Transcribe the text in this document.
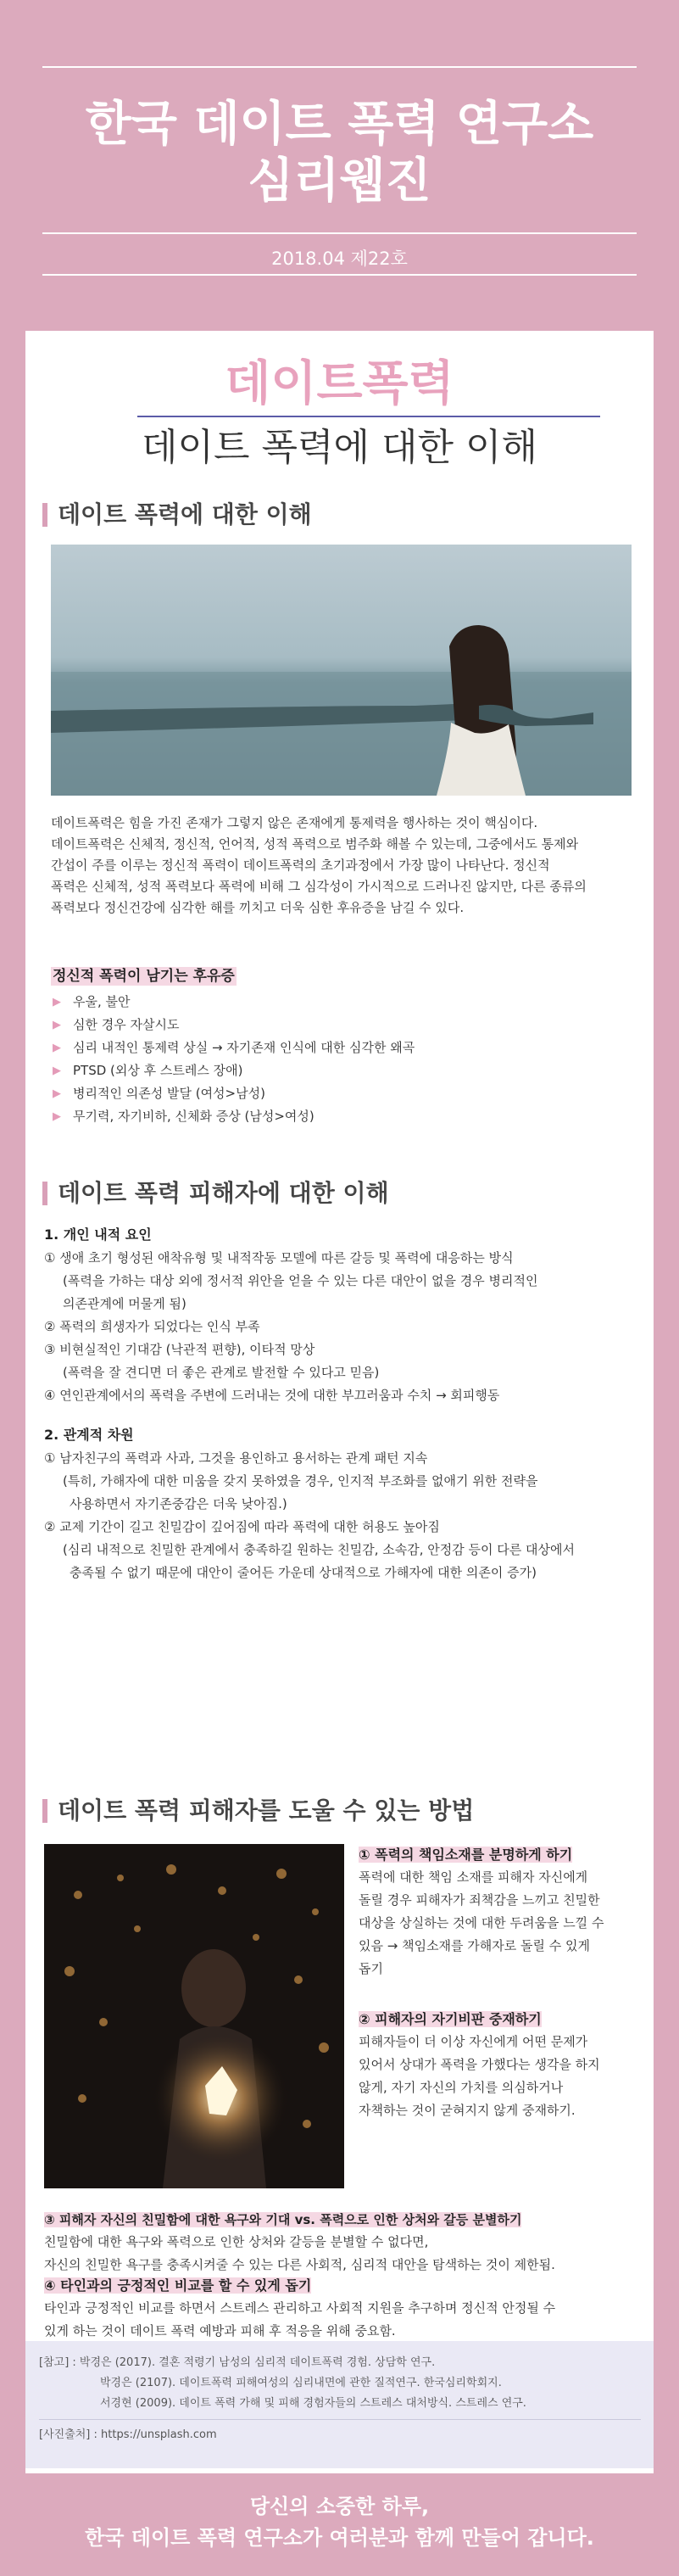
한국 데이트 폭력 연구소
심리웹진
2018.04 제22호
데이트폭력
데이트 폭력에 대한 이해
데이트 폭력에 대한 이해
데이트폭력은 힘을 가진 존재가 그렇지 않은 존재에게 통제력을 행사하는 것이 핵심이다.
데이트폭력은 신체적, 정신적, 언어적, 성적 폭력으로 범주화 해볼 수 있는데, 그중에서도 통제와
간섭이 주를 이루는 정신적 폭력이 데이트폭력의 초기과정에서 가장 많이 나타난다. 정신적
폭력은 신체적, 성적 폭력보다 폭력에 비해 그 심각성이 가시적으로 드러나진 않지만, 다른 종류의
폭력보다 정신건강에 심각한 해를 끼치고 더욱 심한 후유증을 남길 수 있다.
정신적 폭력이 남기는 후유증
▶ 우울, 불안
▶ 심한 경우 자살시도
▶ 심리 내적인 통제력 상실 → 자기존재 인식에 대한 심각한 왜곡
▶ PTSD (외상 후 스트레스 장애)
▶ 병리적인 의존성 발달 (여성>남성)
▶ 무기력, 자기비하, 신체화 증상 (남성>여성)
데이트 폭력 피해자에 대한 이해
1. 개인 내적 요인
① 생애 초기 형성된 애착유형 및 내적작동 모델에 따른 갈등 및 폭력에 대응하는 방식
(폭력을 가하는 대상 외에 정서적 위안을 얻을 수 있는 다른 대안이 없을 경우 병리적인
의존관계에 머물게 됨)
② 폭력의 희생자가 되었다는 인식 부족
③ 비현실적인 기대감 (낙관적 편향), 이타적 망상
(폭력을 잘 견디면 더 좋은 관계로 발전할 수 있다고 믿음)
④ 연인관계에서의 폭력을 주변에 드러내는 것에 대한 부끄러움과 수치 → 회피행동
2. 관계적 차원
① 남자친구의 폭력과 사과, 그것을 용인하고 용서하는 관계 패턴 지속
(특히, 가해자에 대한 미움을 갖지 못하였을 경우, 인지적 부조화를 없애기 위한 전략을
사용하면서 자기존중감은 더욱 낮아짐.)
② 교제 기간이 길고 친밀감이 깊어짐에 따라 폭력에 대한 허용도 높아짐
(심리 내적으로 친밀한 관계에서 충족하길 원하는 친밀감, 소속감, 안정감 등이 다른 대상에서
충족될 수 없기 때문에 대안이 줄어든 가운데 상대적으로 가해자에 대한 의존이 증가)
데이트 폭력 피해자를 도울 수 있는 방법
① 폭력의 책임소재를 분명하게 하기
폭력에 대한 책임 소재를 피해자 자신에게
돌릴 경우 피해자가 죄책감을 느끼고 친밀한
대상을 상실하는 것에 대한 두려움을 느낄 수
있음 → 책임소재를 가해자로 돌릴 수 있게
돕기
② 피해자의 자기비판 중재하기
피해자들이 더 이상 자신에게 어떤 문제가
있어서 상대가 폭력을 가했다는 생각을 하지
않게, 자기 자신의 가치를 의심하거나
자책하는 것이 굳혀지지 않게 중재하기.
③ 피해자 자신의 친밀함에 대한 욕구와 기대 vs. 폭력으로 인한 상처와 갈등 분별하기
친밀함에 대한 욕구와 폭력으로 인한 상처와 갈등을 분별할 수 없다면,
자신의 친밀한 욕구를 충족시켜줄 수 있는 다른 사회적, 심리적 대안을 탐색하는 것이 제한됨.
④ 타인과의 긍정적인 비교를 할 수 있게 돕기
타인과 긍정적인 비교를 하면서 스트레스 관리하고 사회적 지원을 추구하며 정신적 안정될 수
있게 하는 것이 데이트 폭력 예방과 피해 후 적응을 위해 중요함.
[참고] : 박경은 (2017). 결혼 적령기 남성의 심리적 데이트폭력 경험. 상담학 연구.
박경은 (2107). 데이트폭력 피해여성의 심리내면에 관한 질적연구. 한국심리학회지.
서경현 (2009). 데이트 폭력 가해 및 피해 경험자들의 스트레스 대처방식. 스트레스 연구.
[사진출처] : https://unsplash.com
당신의 소중한 하루,
한국 데이트 폭력 연구소가 여러분과 함께 만들어 갑니다.
